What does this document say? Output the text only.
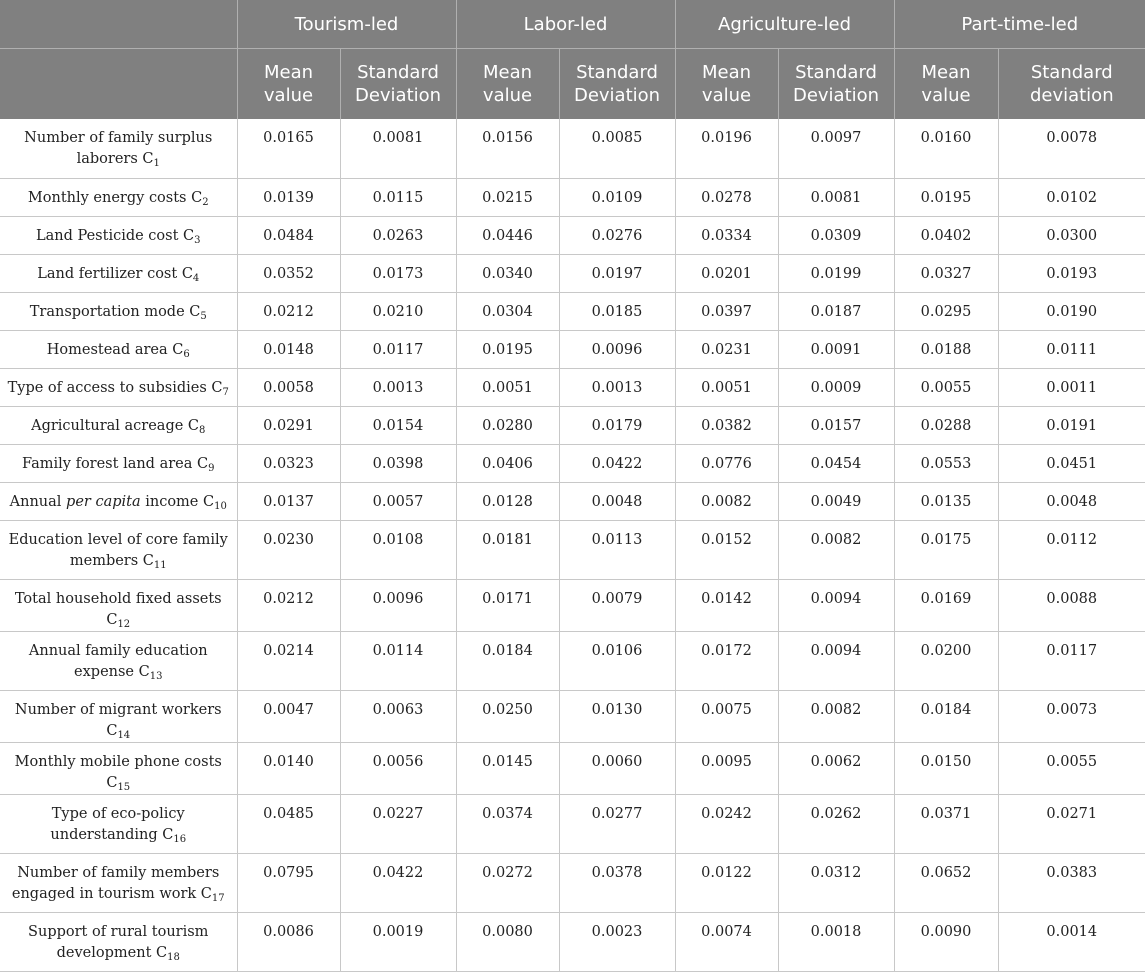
	Tourism-led		Labor-led		Agriculture-led		Part-time-led	
	Mean value	Standard Deviation	Mean value	Standard Deviation	Mean value	Standard Deviation	Mean value	Standard deviation
Number of family surplus laborers $C_1$	0.0165	0.0081	0.0156	0.0085	0.0196	0.0097	0.0160	0.0078
Monthly energy costs $C_2$	0.0139	0.0115	0.0215	0.0109	0.0278	0.0081	0.0195	0.0102
Land Pesticide cost $C_3$	0.0484	0.0263	0.0446	0.0276	0.0334	0.0309	0.0402	0.0300
Land fertilizer cost $C_4$	0.0352	0.0173	0.0340	0.0197	0.0201	0.0199	0.0327	0.0193
Transportation mode $C_5$	0.0212	0.0210	0.0304	0.0185	0.0397	0.0187	0.0295	0.0190
Homestead area $C_6$	0.0148	0.0117	0.0195	0.0096	0.0231	0.0091	0.0188	0.0111
Type of access to subsidies $C_7$	0.0058	0.0013	0.0051	0.0013	0.0051	0.0009	0.0055	0.0011
Agricultural acreage $C_8$	0.0291	0.0154	0.0280	0.0179	0.0382	0.0157	0.0288	0.0191
Family forest land area $C_9$	0.0323	0.0398	0.0406	0.0422	0.0776	0.0454	0.0553	0.0451
Annual per capita income $C_{10}$	0.0137	0.0057	0.0128	0.0048	0.0082	0.0049	0.0135	0.0048
Education level of core family members $C_{11}$	0.0230	0.0108	0.0181	0.0113	0.0152	0.0082	0.0175	0.0112
Total household fixed assets $C_{12}$	0.0212	0.0096	0.0171	0.0079	0.0142	0.0094	0.0169	0.0088
Annual family education expense $C_{13}$	0.0214	0.0114	0.0184	0.0106	0.0172	0.0094	0.0200	0.0117
Number of migrant workers $C_{14}$	0.0047	0.0063	0.0250	0.0130	0.0075	0.0082	0.0184	0.0073
Monthly mobile phone costs $C_{15}$	0.0140	0.0056	0.0145	0.0060	0.0095	0.0062	0.0150	0.0055
Type of eco-policy understanding $C_{16}$	0.0485	0.0227	0.0374	0.0277	0.0242	0.0262	0.0371	0.0271
Number of family members engaged in tourism work $C_{17}$	0.0795	0.0422	0.0272	0.0378	0.0122	0.0312	0.0652	0.0383
Support of rural tourism development $C_{18}$	0.0086	0.0019	0.0080	0.0023	0.0074	0.0018	0.0090	0.0014
